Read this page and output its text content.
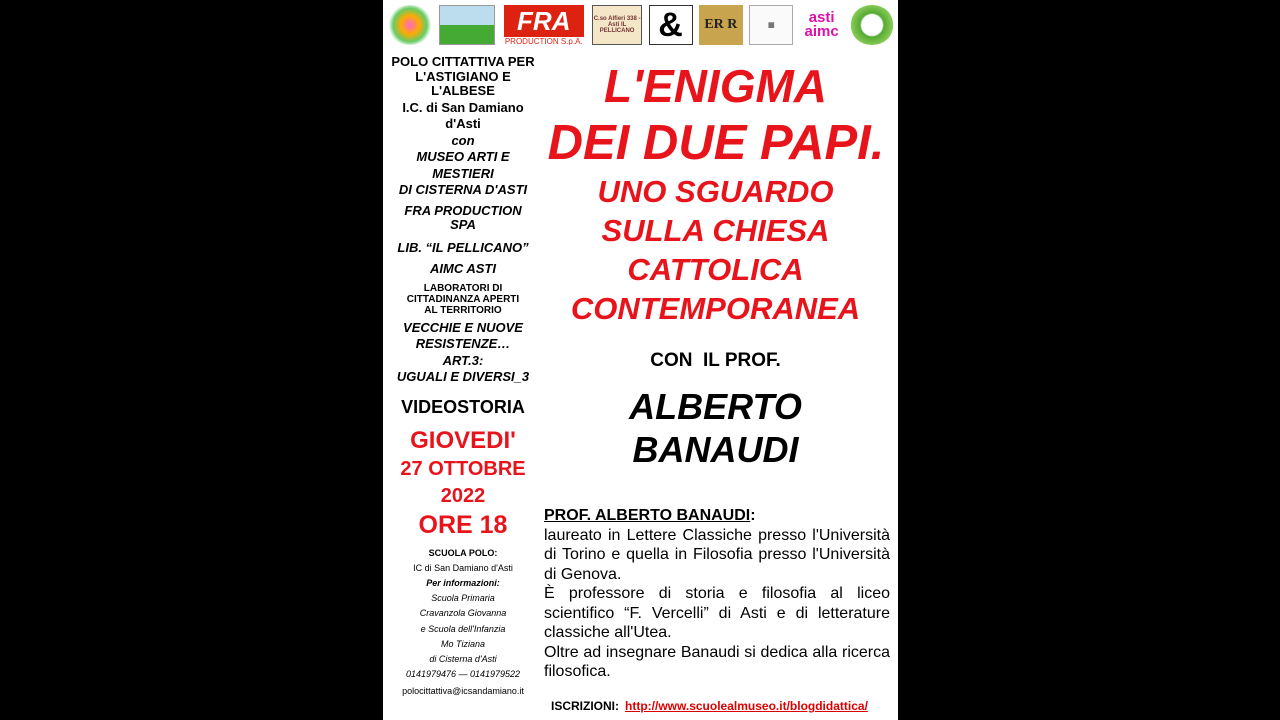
FRA
PRODUCTION S.p.A.
C.so Alfieri 338 - Asti IL PELLICANO & ER R	▦	asti aimc
POLO CITTATTIVA PER
L'ASTIGIANO E
L'ALBESE
I.C. di San Damiano
d'Asti
con
MUSEO ARTI E
MESTIERI
DI CISTERNA D'ASTI
FRA PRODUCTION
SPA
LIB. “IL PELLICANO”
AIMC ASTI
LABORATORI DI
CITTADINANZA APERTI
AL TERRITORIO
VECCHIE E NUOVE
RESISTENZE…
ART.3:
UGUALI E DIVERSI_3
VIDEOSTORIA
GIOVEDI'
27 OTTOBRE
2022
ORE 18
SCUOLA POLO:
IC di San Damiano d'Asti
Per informazioni:
Scuola Primaria
Cravanzola Giovanna
e Scuola dell'Infanzia
Mo Tiziana
di Cisterna d'Asti
0141979476 — 0141979522
polocittattiva@icsandamiano.it
L'ENIGMA
DEI DUE PAPI.
UNO SGUARDO
SULLA CHIESA
CATTOLICA
CONTEMPORANEA
CON  IL PROF.
ALBERTO
BANAUDI
PROF. ALBERTO BANAUDI:
laureato in Lettere Classiche presso l'Università di Torino e quella in Filosofia presso l'Università di Genova.
È professore di storia e filosofia al liceo scientifico “F. Vercelli” di Asti e di letterature classiche all'Utea.
Oltre ad insegnare Banaudi si dedica alla ricerca filosofica.
ISCRIZIONI: http://www.scuolealmuseo.it/blogdidattica/
